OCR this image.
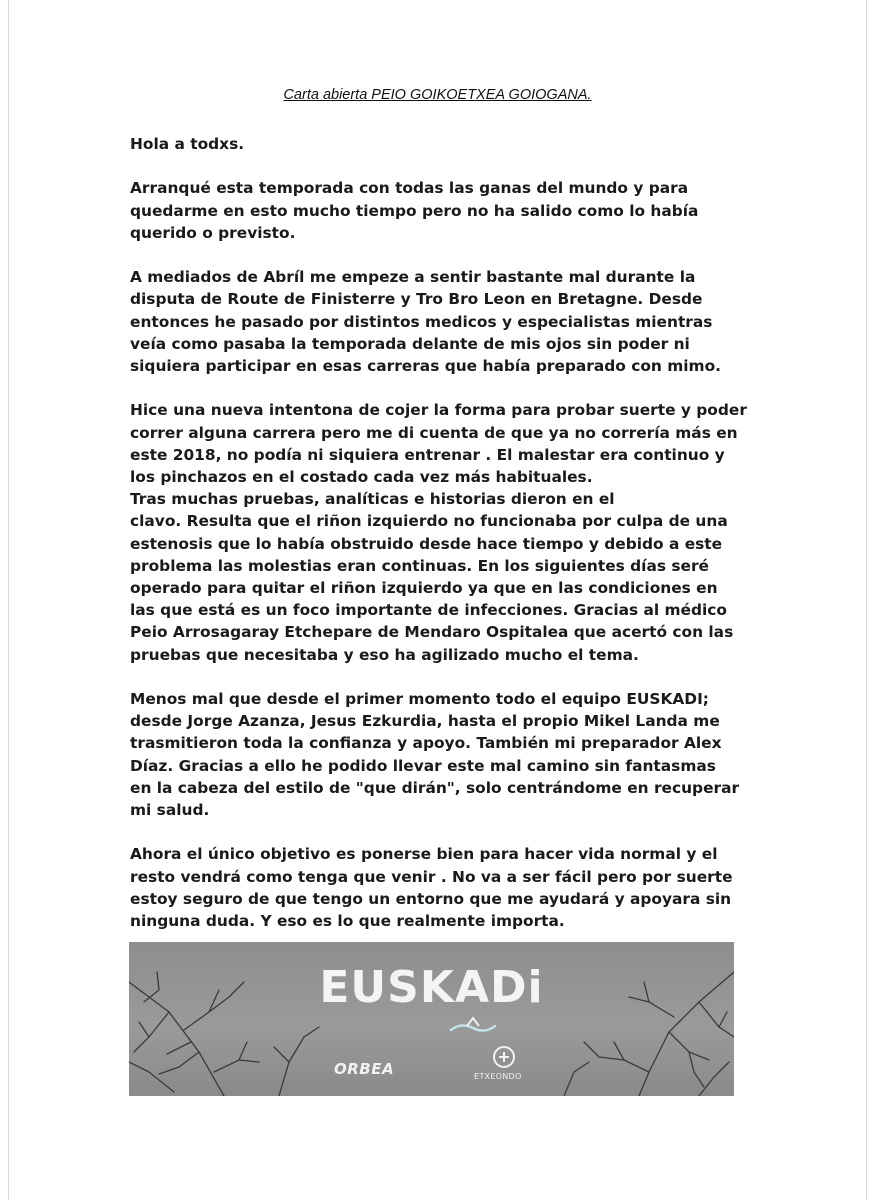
Carta abierta PEIO GOIKOETXEA GOIOGANA.

Hola a todxs.

Arranqué esta temporada con todas las ganas del mundo y para
quedarme en esto mucho tiempo pero no ha salido como lo había
querido o previsto.

A mediados de Abríl me empeze a sentir bastante mal durante la
disputa de Route de Finisterre y Tro Bro Leon en Bretagne. Desde
entonces he pasado por distintos medicos y especialistas mientras
veía como pasaba la temporada delante de mis ojos sin poder ni
siquiera participar en esas carreras que había preparado con mimo.

Hice una nueva intentona de cojer la forma para probar suerte y poder
correr alguna carrera pero me di cuenta de que ya no correría más en
este 2018, no podía ni siquiera entrenar . El malestar era continuo y
los pinchazos en el costado cada vez más habituales.

Tras muchas pruebas, analíticas e historias dieron en el
clavo. Resulta que el riñon izquierdo no funcionaba por culpa de una
estenosis que lo había obstruido desde hace tiempo y debido a este
problema las molestias eran continuas. En los siguientes días seré
operado para quitar el riñon izquierdo ya que en las condiciones en
las que está es un foco importante de infecciones. Gracias al médico
Peio Arrosagaray Etchepare de Mendaro Ospitalea que acertó con las
pruebas que necesitaba y eso ha agilizado mucho el tema.

Menos mal que desde el primer momento todo el equipo EUSKADI;
desde Jorge Azanza, Jesus Ezkurdia, hasta el propio Mikel Landa me
trasmitieron toda la confianza y apoyo. También mi preparador Alex
Díaz. Gracias a ello he podido llevar este mal camino sin fantasmas
en la cabeza del estilo de "que dirán", solo centrándome en recuperar
mi salud.

Ahora el único objetivo es ponerse bien para hacer vida normal y el
resto vendrá como tenga que venir . No va a ser fácil pero por suerte
estoy seguro de que tengo un entorno que me ayudará y apoyara sin
ninguna duda. Y eso es lo que realmente importa.

EUSKADi
ORBEA	ETXEONDO
